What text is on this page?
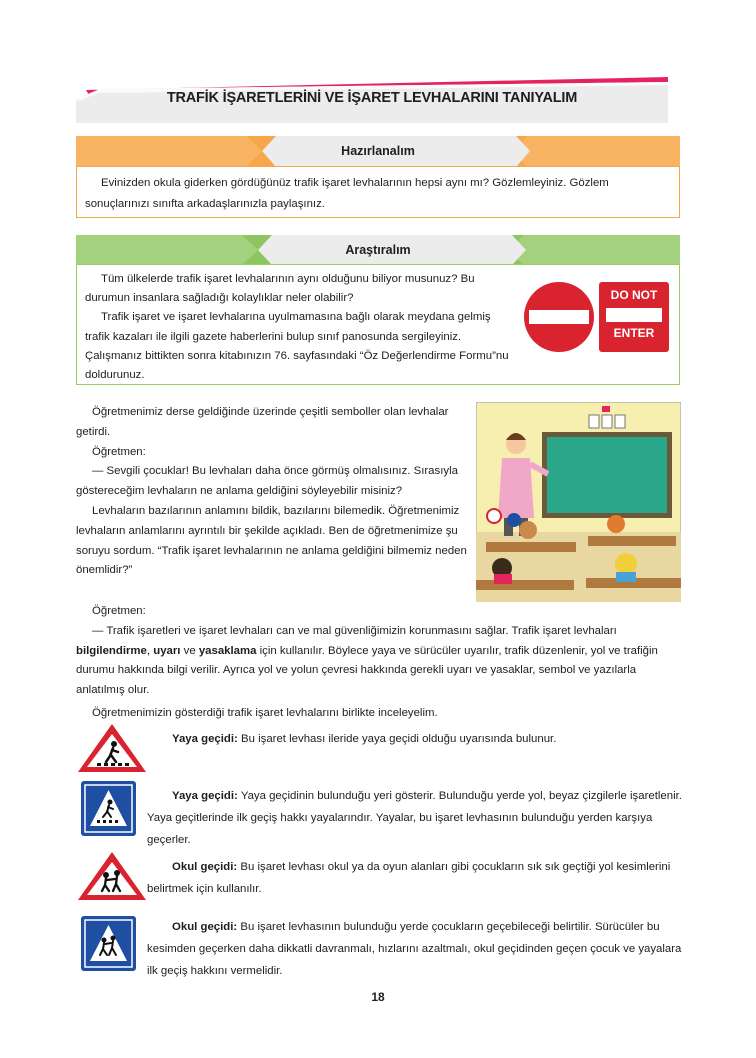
TRAFİK İŞARETLERİNİ VE İŞARET LEVHALARINI TANIYALIM
Hazırlanalım

Evinizden okula giderken gördüğünüz trafik işaret levhalarının hepsi aynı mı? Gözlemleyiniz. Gözlem sonuçlarınızı sınıfta arkadaşlarınızla paylaşınız.

Araştıralım

Tüm ülkelerde trafik işaret levhalarının aynı olduğunu biliyor musunuz? Bu durumun insanlara sağladığı kolaylıklar neler olabilir?

Trafik işaret ve işaret levhalarına uyulmamasına bağlı olarak meydana gelmiş trafik kazaları ile ilgili gazete haberlerini bulup sınıf panosunda sergileyiniz. Çalışmanız bittikten sonra kitabınızın 76. sayfasındaki “Öz Değerlendirme Formu”nu doldurunuz.

DO NOT
ENTER

Öğretmenimiz derse geldiğinde üzerinde çeşitli semboller olan levhalar getirdi.

Öğretmen:

— Sevgili çocuklar! Bu levhaları daha önce görmüş olmalısınız. Sırasıyla göstereceğim levhaların ne anlama geldiğini söyleyebilir misiniz?

Levhaların bazılarının anlamını bildik, bazılarını bilemedik. Öğretmenimiz levhaların anlamlarını ayrıntılı bir şekilde açıkladı. Ben de öğretmenimize şu soruyu sordum. “Trafik işaret levhalarının ne anlama geldiğini bilmemiz neden önemlidir?”

Öğretmen:

— Trafik işaretleri ve işaret levhaları can ve mal güvenliğimizin korunmasını sağlar. Trafik işaret levhaları bilgilendirme, uyarı ve yasaklama için kullanılır. Böylece yaya ve sürücüler uyarılır, trafik düzenlenir, yol ve trafiğin durumu hakkında bilgi verilir. Ayrıca yol ve yolun çevresi hakkında gerekli uyarı ve yasaklar, sembol ve yazılarla anlatılmış olur.

Öğretmenimizin gösterdiği trafik işaret levhalarını birlikte inceleyelim.

Yaya geçidi: Bu işaret levhası ileride yaya geçidi olduğu uyarısında bulunur.
Yaya geçidi: Yaya geçidinin bulunduğu yeri gösterir. Bulunduğu yerde yol, beyaz çizgilerle işaretlenir. Yaya geçitlerinde ilk geçiş hakkı yayalarındır. Yayalar, bu işaret levhasının bulunduğu yerden karşıya geçerler.
Okul geçidi: Bu işaret levhası okul ya da oyun alanları gibi çocukların sık sık geçtiği yol kesimlerini belirtmek için kullanılır.
Okul geçidi: Bu işaret levhasının bulunduğu yerde çocukların geçebileceği belirtilir. Sürücüler bu kesimden geçerken daha dikkatli davranmalı, hızlarını azaltmalı, okul geçidinden geçen çocuk ve yayalara ilk geçiş hakkını vermelidir.
18
